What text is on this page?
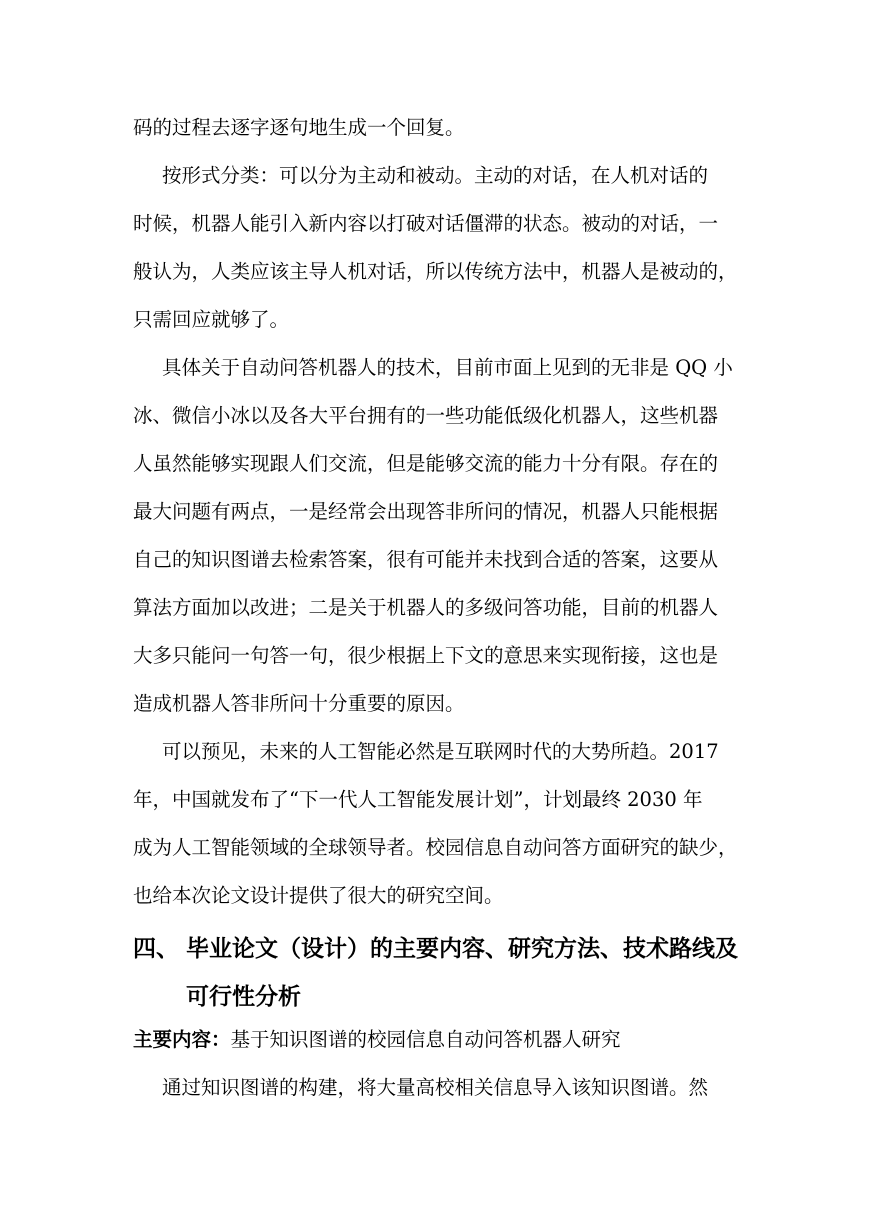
码的过程去逐字逐句地生成一个回复。
按形式分类：可以分为主动和被动。主动的对话，在人机对话的
时候，机器人能引入新内容以打破对话僵滞的状态。被动的对话，一
般认为，人类应该主导人机对话，所以传统方法中，机器人是被动的，
只需回应就够了。
具体关于自动问答机器人的技术，目前市面上见到的无非是 QQ 小
冰、微信小冰以及各大平台拥有的一些功能低级化机器人，这些机器
人虽然能够实现跟人们交流，但是能够交流的能力十分有限。存在的
最大问题有两点，一是经常会出现答非所问的情况，机器人只能根据
自己的知识图谱去检索答案，很有可能并未找到合适的答案，这要从
算法方面加以改进；二是关于机器人的多级问答功能，目前的机器人
大多只能问一句答一句，很少根据上下文的意思来实现衔接，这也是
造成机器人答非所问十分重要的原因。
可以预见，未来的人工智能必然是互联网时代的大势所趋。2017
年，中国就发布了“下一代人工智能发展计划”，计划最终 2030 年
成为人工智能领域的全球领导者。校园信息自动问答方面研究的缺少，
也给本次论文设计提供了很大的研究空间。
四、 毕业论文（设计）的主要内容、研究方法、技术路线及
可行性分析
主要内容：基于知识图谱的校园信息自动问答机器人研究
通过知识图谱的构建，将大量高校相关信息导入该知识图谱。然
